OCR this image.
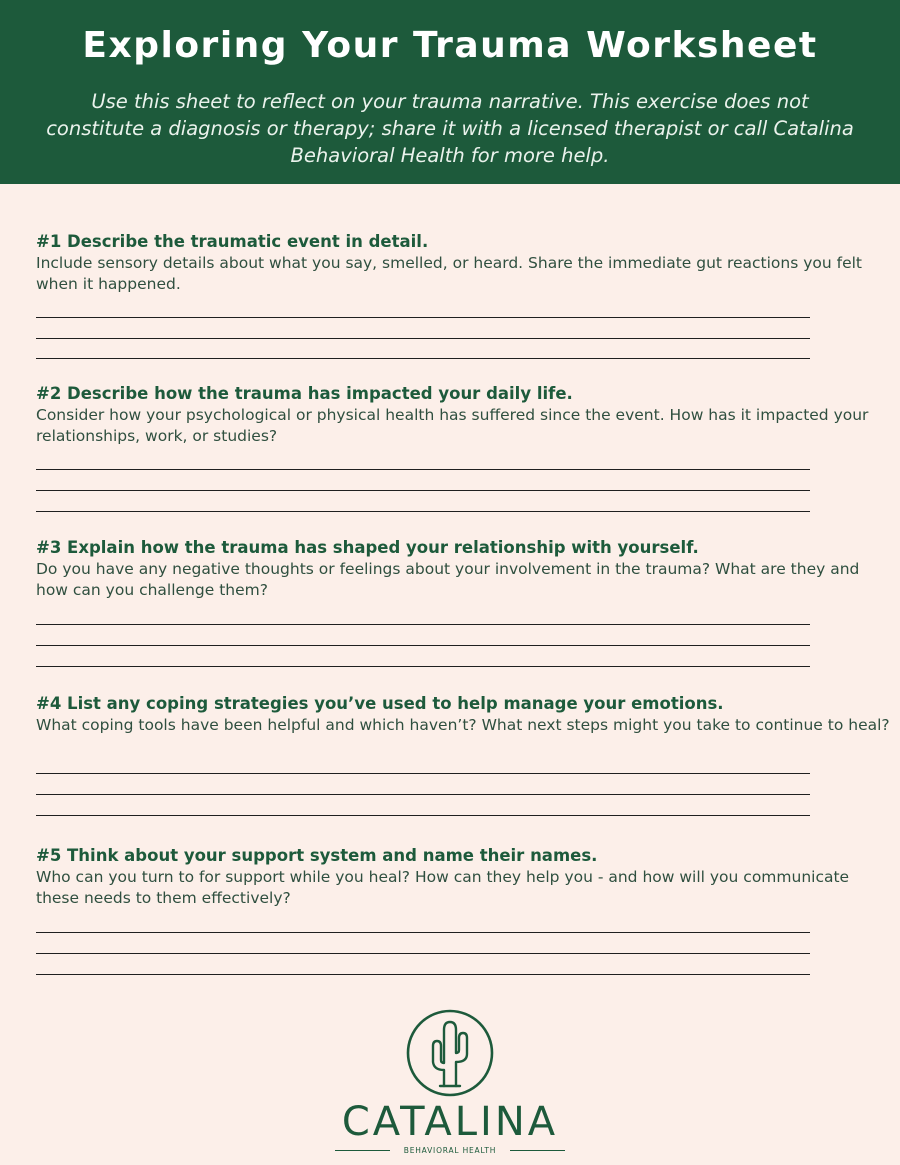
Exploring Your Trauma Worksheet
Use this sheet to reflect on your trauma narrative. This exercise does not constitute a diagnosis or therapy; share it with a licensed therapist or call Catalina Behavioral Health for more help.
#1 Describe the traumatic event in detail.
Include sensory details about what you say, smelled, or heard. Share the immediate gut reactions you felt when it happened.
#2 Describe how the trauma has impacted your daily life.
Consider how your psychological or physical health has suffered since the event. How has it impacted your relationships, work, or studies?
#3 Explain how the trauma has shaped your relationship with yourself.
Do you have any negative thoughts or feelings about your involvement in the trauma? What are they and how can you challenge them?
#4 List any coping strategies you’ve used to help manage your emotions.
What coping tools have been helpful and which haven’t? What next steps might you take to continue to heal?
#5 Think about your support system and name their names.
Who can you turn to for support while you heal? How can they help you - and how will you communicate these needs to them effectively?
CATALINA
BEHAVIORAL HEALTH
